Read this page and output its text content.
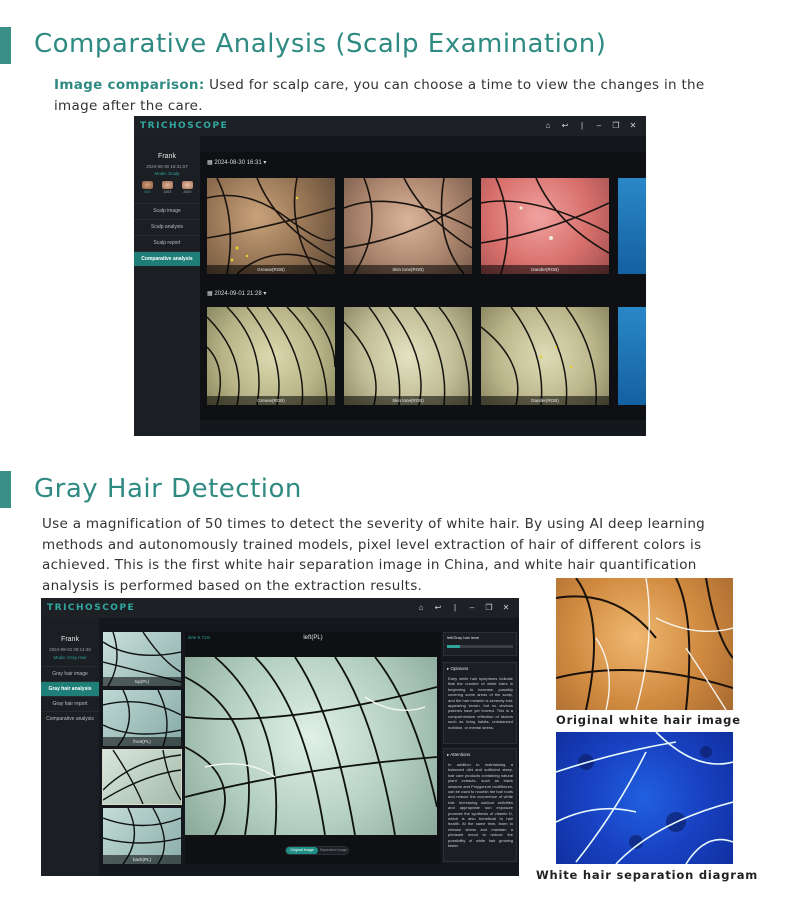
Comparative Analysis (Scalp Examination)
Image comparison: Used for scalp care, you can choose a time to view the changes in the image after the care.
TRICHOSCOPE	⌂	↩	|	–	❐ ✕
Frank
2024-08-30 16:31:57
Mode: Scalp
50X	100X	200X
Scalp image
Scalp analysis
Scalp report
Comparative analysis
▦ 2024-08-30 16:31 ▾
Grease(RGB)	Skin tone(RGB)	Dander(RGB)
▦ 2024-09-01 21:28 ▾
Grease(RGB)	Skin tone(RGB)	Dander(RGB)
Gray Hair Detection
Use a magnification of 50 times to detect the severity of white hair. By using AI deep learning methods and autonomously trained models, pixel level extraction of hair of different colors is achieved. This is the first white hair separation image in China, and white hair quantification analysis is performed based on the extraction results.
TRICHOSCOPE	⌂	↩	|	–	❐ ✕
Frank
2024-09-02 09:14:40
Mode: Gray Hair
Gray hair image
Gray hair analysis
Gray hair report
Comparative analysis
top(PL)
front(PL)
back(PL)
ilete 9.71%	left(PL)
Original image	Separated image
left/Gray hair level
▸ Opinions
Early white hair symptoms indicate that the number of white hairs is beginning to increase, possibly covering some areas of the scalp, and the hair melanin is severely lost, appearing brown, but no obvious patches have yet formed. This is a comprehensive reflection of factors such as living habits, unbalanced nutrition, or mental stress.
▸ Attentions
In addition to maintaining a balanced diet and sufficient sleep, hair care products containing natural plant extracts, such as black sesame and Polygonum multiflorum, can be used to nourish the hair roots and reduce the occurrence of white hair. Increasing outdoor activities and appropriate sun exposure promote the synthesis of vitamin D, which is also beneficial to hair health. At the same time, learn to release stress and maintain a pleasant mood to reduce the possibility of white hair growing faster.
Original white hair image
White hair separation diagram
